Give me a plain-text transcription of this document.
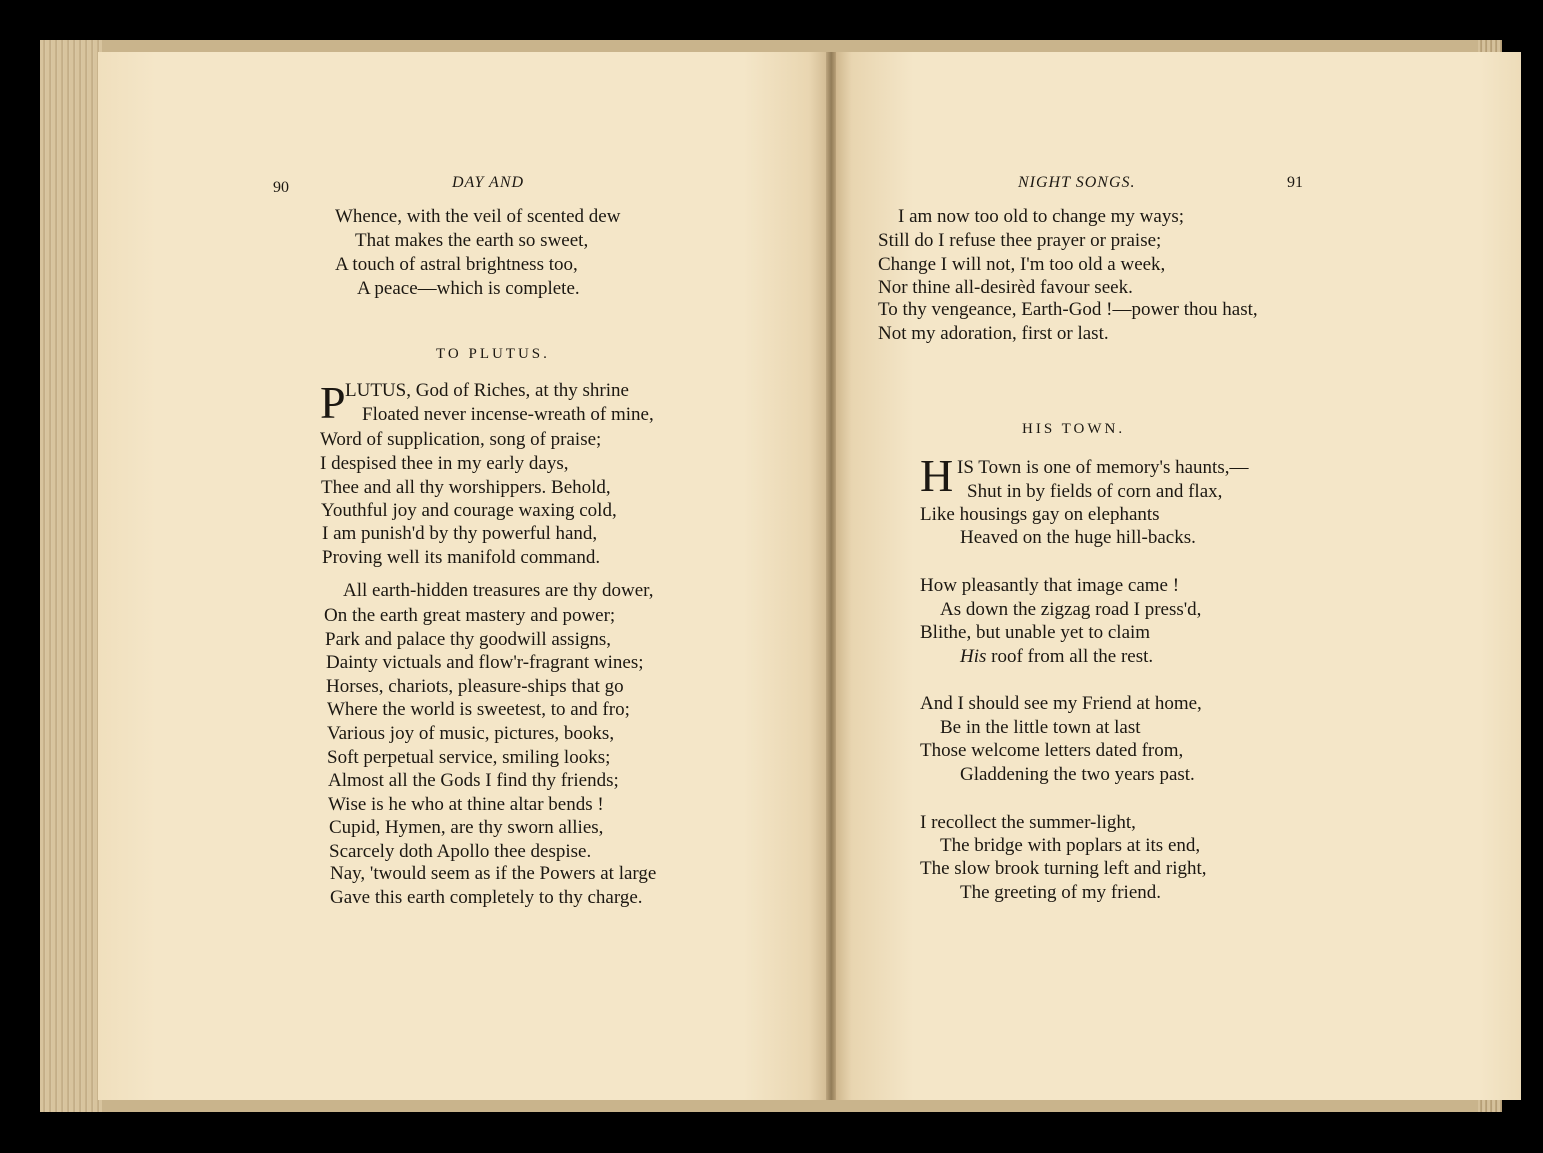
90	DAY AND
Whence, with the veil of scented dew
That makes the earth so sweet,
A touch of astral brightness too,
A peace—which is complete.
TO PLUTUS.
P LUTUS, God of Riches, at thy shrine
Floated never incense-wreath of mine,
Word of supplication, song of praise;
I despised thee in my early days,
Thee and all thy worshippers. Behold,
Youthful joy and courage waxing cold,
I am punish'd by thy powerful hand,
Proving well its manifold command.
All earth-hidden treasures are thy dower,
On the earth great mastery and power;
Park and palace thy goodwill assigns,
Dainty victuals and flow'r-fragrant wines;
Horses, chariots, pleasure-ships that go
Where the world is sweetest, to and fro;
Various joy of music, pictures, books,
Soft perpetual service, smiling looks;
Almost all the Gods I find thy friends;
Wise is he who at thine altar bends !
Cupid, Hymen, are thy sworn allies,
Scarcely doth Apollo thee despise.
Nay, 'twould seem as if the Powers at large
Gave this earth completely to thy charge.
NIGHT SONGS.	91
I am now too old to change my ways;
Still do I refuse thee prayer or praise;
Change I will not, I'm too old a week,
Nor thine all-desirèd favour seek.
To thy vengeance, Earth-God !—power thou hast,
Not my adoration, first or last.
HIS TOWN.
H IS Town is one of memory's haunts,—
Shut in by fields of corn and flax,
Like housings gay on elephants
Heaved on the huge hill-backs.
How pleasantly that image came !
As down the zigzag road I press'd,
Blithe, but unable yet to claim
His roof from all the rest.
And I should see my Friend at home,
Be in the little town at last
Those welcome letters dated from,
Gladdening the two years past.
I recollect the summer-light,
The bridge with poplars at its end,
The slow brook turning left and right,
The greeting of my friend.
